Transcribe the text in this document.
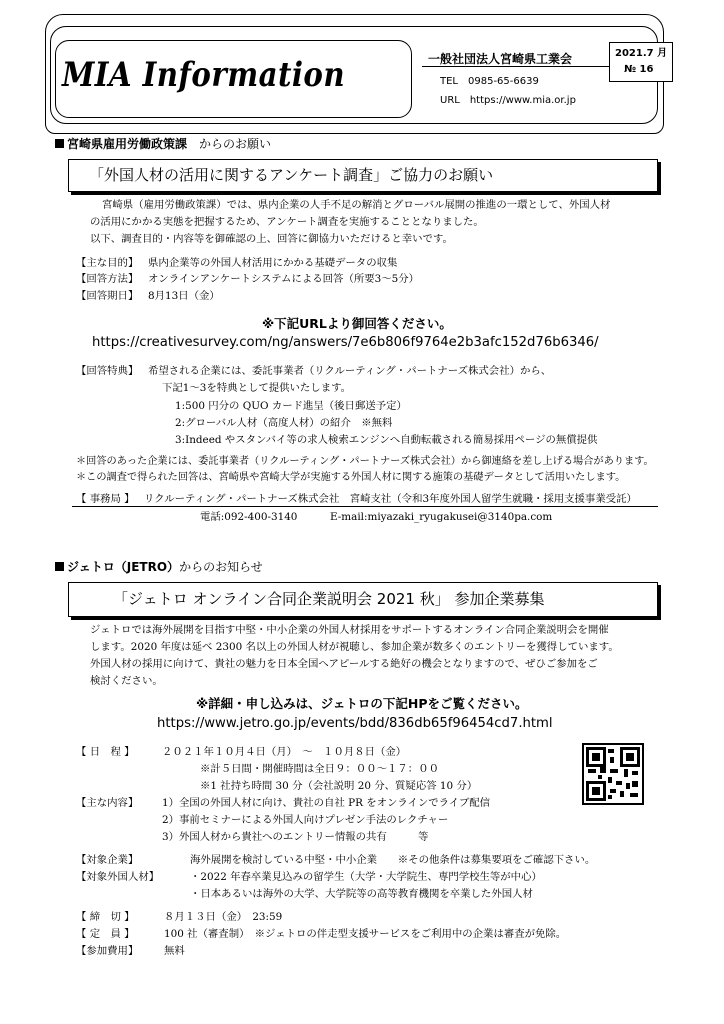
MIA Information	一般社団法人宮崎県工業会
TEL　0985-65-6639
URL　https://www.mia.or.jp
2021.7 月
№ 16
宮崎県雇用労働政策課　からのお願い
「外国人材の活用に関するアンケート調査」ご協力のお願い
宮崎県（雇用労働政策課）では、県内企業の人手不足の解消とグローバル展開の推進の一環として、外国人材
の活用にかかる実態を把握するため、アンケート調査を実施することとなりました。
以下、調査目的・内容等を御確認の上、回答に御協力いただけると幸いです。
【主な目的】 県内企業等の外国人材活用にかかる基礎データの収集
【回答方法】 オンラインアンケートシステムによる回答（所要3～5分）
【回答期日】 8月13日（金）
※下記URLより御回答ください。
https://creativesurvey.com/ng/answers/7e6b806f9764e2b3afc152d76b6346/
【回答特典】 希望される企業には、委託事業者（リクルーティング・パートナーズ株式会社）から、
下記1～3を特典として提供いたします。
1:500 円分の QUO カード進呈（後日郵送予定）
2:グローバル人材（高度人材）の紹介　※無料
3:Indeed やスタンバイ等の求人検索エンジンへ自動転載される簡易採用ページの無償提供
＊回答のあった企業には、委託事業者（リクルーティング・パートナーズ株式会社）から御連絡を差し上げる場合があります。
＊この調査で得られた回答は、宮崎県や宮崎大学が実施する外国人材に関する施策の基礎データとして活用いたします。
【 事務局 】 リクルーティング・パートナーズ株式会社　宮崎支社（令和3年度外国人留学生就職・採用支援事業受託）
電話:092-400-3140	E-mail:miyazaki_ryugakusei@3140pa.com
ジェトロ（JETRO）からのお知らせ
「ジェトロ オンライン合同企業説明会 2021 秋」 参加企業募集
ジェトロでは海外展開を目指す中堅・中小企業の外国人材採用をサポートするオンライン合同企業説明会を開催
します。2020 年度は延べ 2300 名以上の外国人材が視聴し、参加企業が数多くのエントリーを獲得しています。
外国人材の採用に向けて、貴社の魅力を日本全国へアピールする絶好の機会となりますので、ぜひご参加をご
検討ください。
※詳細・申し込みは、ジェトロの下記HPをご覧ください。
https://www.jetro.go.jp/events/bdd/836db65f96454cd7.html
【 日　程 】	２０２１年１０月４日（月）　～　１０月８日（金）
※計５日間・開催時間は全日９：００～１７：００
※1 社持ち時間 30 分（会社説明 20 分、質疑応答 10 分）
【主な内容】 1）全国の外国人材に向け、貴社の自社 PR をオンラインでライブ配信
2）事前セミナーによる外国人向けプレゼン手法のレクチャー
3）外国人材から貴社へのエントリー情報の共有　　　等
【対象企業】	海外展開を検討している中堅・中小企業　　※その他条件は募集要項をご確認下さい。
【対象外国人材】	・2022 年春卒業見込みの留学生（大学・大学院生、専門学校生等が中心）
・日本あるいは海外の大学、大学院等の高等教育機関を卒業した外国人材
【 締　切 】	８月１３日（金）　23:59
【 定　員 】	100 社（審査制）　※ジェトロの伴走型支援サービスをご利用中の企業は審査が免除。
【参加費用】 無料
